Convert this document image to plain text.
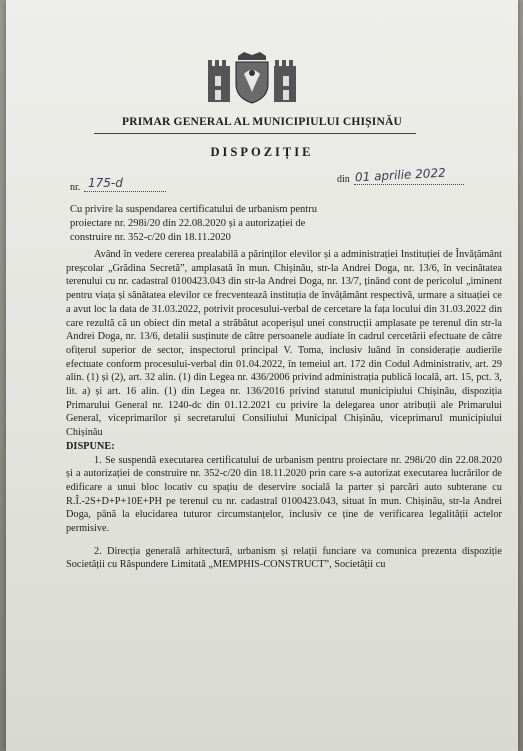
PRIMAR GENERAL AL MUNICIPIULUI CHIȘINĂU
DISPOZIȚIE
nr. 175-d	din 01 aprilie 2022
Cu privire la suspendarea certificatului de urbanism pentru proiectare nr. 298i/20 din 22.08.2020 și a autorizației de construire nr. 352-c/20 din 18.11.2020

Având în vedere cererea prealabilă a părinților elevilor și a administrației Instituției de Învățământ preșcolar „Grădina Secretă”, amplasată în mun. Chișinău, str-la Andrei Doga, nr. 13/6, în vecinătatea terenului cu nr. cadastral 0100423.043 din str-la Andrei Doga, nr. 13/7, ținând cont de pericolul „iminent pentru viața și sănătatea elevilor ce frecventează instituția de învățământ respectivă, urmare a situației ce a avut loc la data de 31.03.2022, potrivit procesului-verbal de cercetare la fața locului din 31.03.2022 din care rezultă că un obiect din metal a străbătut acoperișul unei construcții amplasate pe terenul din str-la Andrei Doga, nr. 13/6, detalii susținute de către persoanele audiate în cadrul cercetării efectuate de către ofițerul superior de sector, inspectorul principal V. Toma, inclusiv luând în considerație audierile efectuate conform procesului-verbal din 01.04.2022, în temeiul art. 172 din Codul Administrativ, art. 29 alin. (1) și (2), art. 32 alin. (1) din Legea nr. 436/2006 privind administrația publică locală, art. 15, pct. 3, lit. a) și art. 16 alin. (1) din Legea nr. 136/2016 privind statutul municipiului Chișinău, dispoziția Primarului General nr. 1240-dc din 01.12.2021 cu privire la delegarea unor atribuții ale Primarului General, viceprimarilor și secretarului Consiliului Municipal Chișinău, viceprimarul municipiului Chișinău

DISPUNE:

1. Se suspendă executarea certificatului de urbanism pentru proiectare nr. 298i/20 din 22.08.2020 și a autorizației de construire nr. 352-c/20 din 18.11.2020 prin care s-a autorizat executarea lucrărilor de edificare a unui bloc locativ cu spațiu de deservire socială la parter și parcări auto subterane cu R.Î.-2S+D+P+10E+PH pe terenul cu nr. cadastral 0100423.043, situat în mun. Chișinău, str-la Andrei Doga, până la elucidarea tuturor circumstanțelor, inclusiv ce ține de verificarea legalității actelor permisive.

2. Direcția generală arhitectură, urbanism și relații funciare va comunica prezenta dispoziție Societății cu Răspundere Limitată „MEMPHIS-CONSTRUCT”, Societății cu
